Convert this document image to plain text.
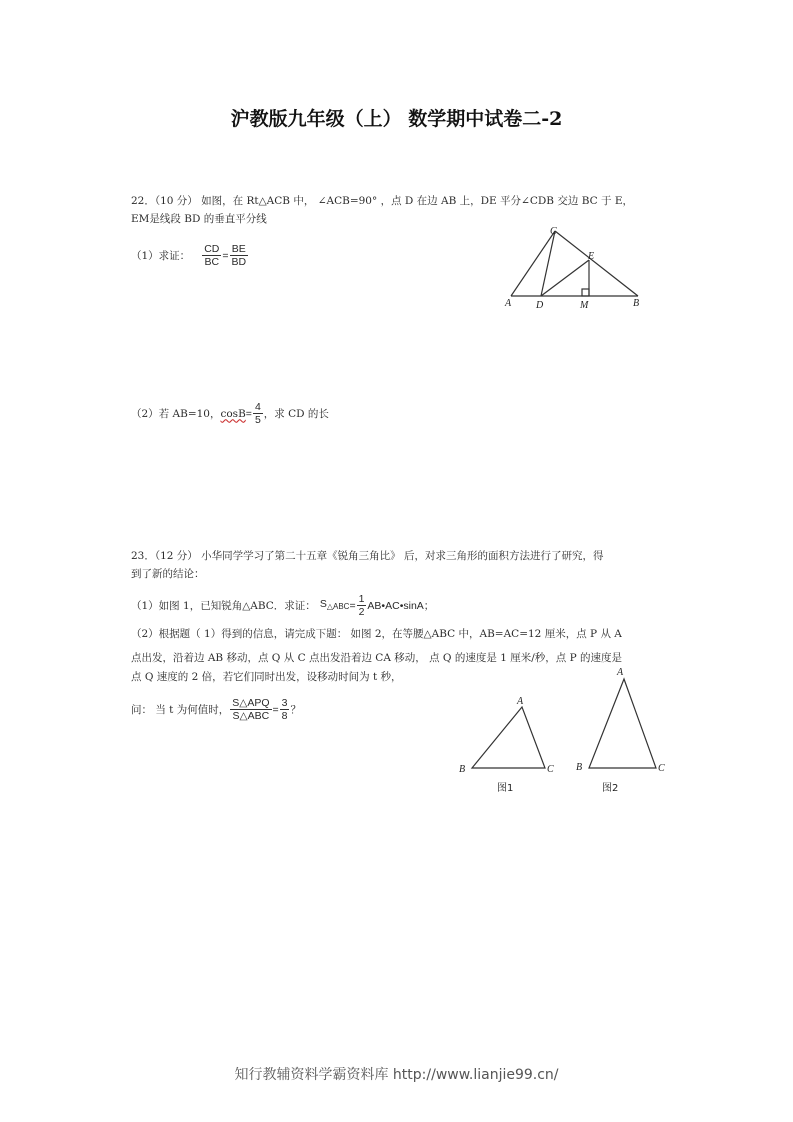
沪教版九年级（上） 数学期中试卷二-2
22．（10 分） 如图，在 Rt△ACB 中， ∠ACB=90° ，点 D 在边 AB 上，DE 平分∠CDB 交边 BC 于 E，
EM是线段 BD 的垂直平分线
（1）求证： $\frac{CD}{BC} = \frac{BE}{BD}$
C
E
A D	M	B
（2）若 AB=10， $\cos B = \frac{4}{5}$ ，求 CD 的长
23．（12 分） 小华同学学习了第二十五章《锐角三角比》 后，对求三角形的面积方法进行了研究，得
到了新的结论：
（1）如图 1，已知锐角△ABC．求证： $S_{\triangle ABC} = \frac{1}{2}$ AB•AC•sinA；
（2）根据题（ 1）得到的信息，请完成下题： 如图 2，在等腰△ABC 中，AB=AC=12 厘米，点 P 从 A
点出发，沿着边 AB 移动，点 Q 从 C 点出发沿着边 CA 移动， 点 Q 的速度是 1 厘米/秒，点 P 的速度是
点 Q 速度的 2 倍，若它们同时出发，设移动时间为 t 秒，
问： 当 t 为何值时， $\frac{\text{S△APQ}}{\text{S△ABC}} = \frac{3}{8}$ ？
A
B	C
图1
A
B	C
图2
知行教辅资料学霸资料库 http://www.lianjie99.cn/
